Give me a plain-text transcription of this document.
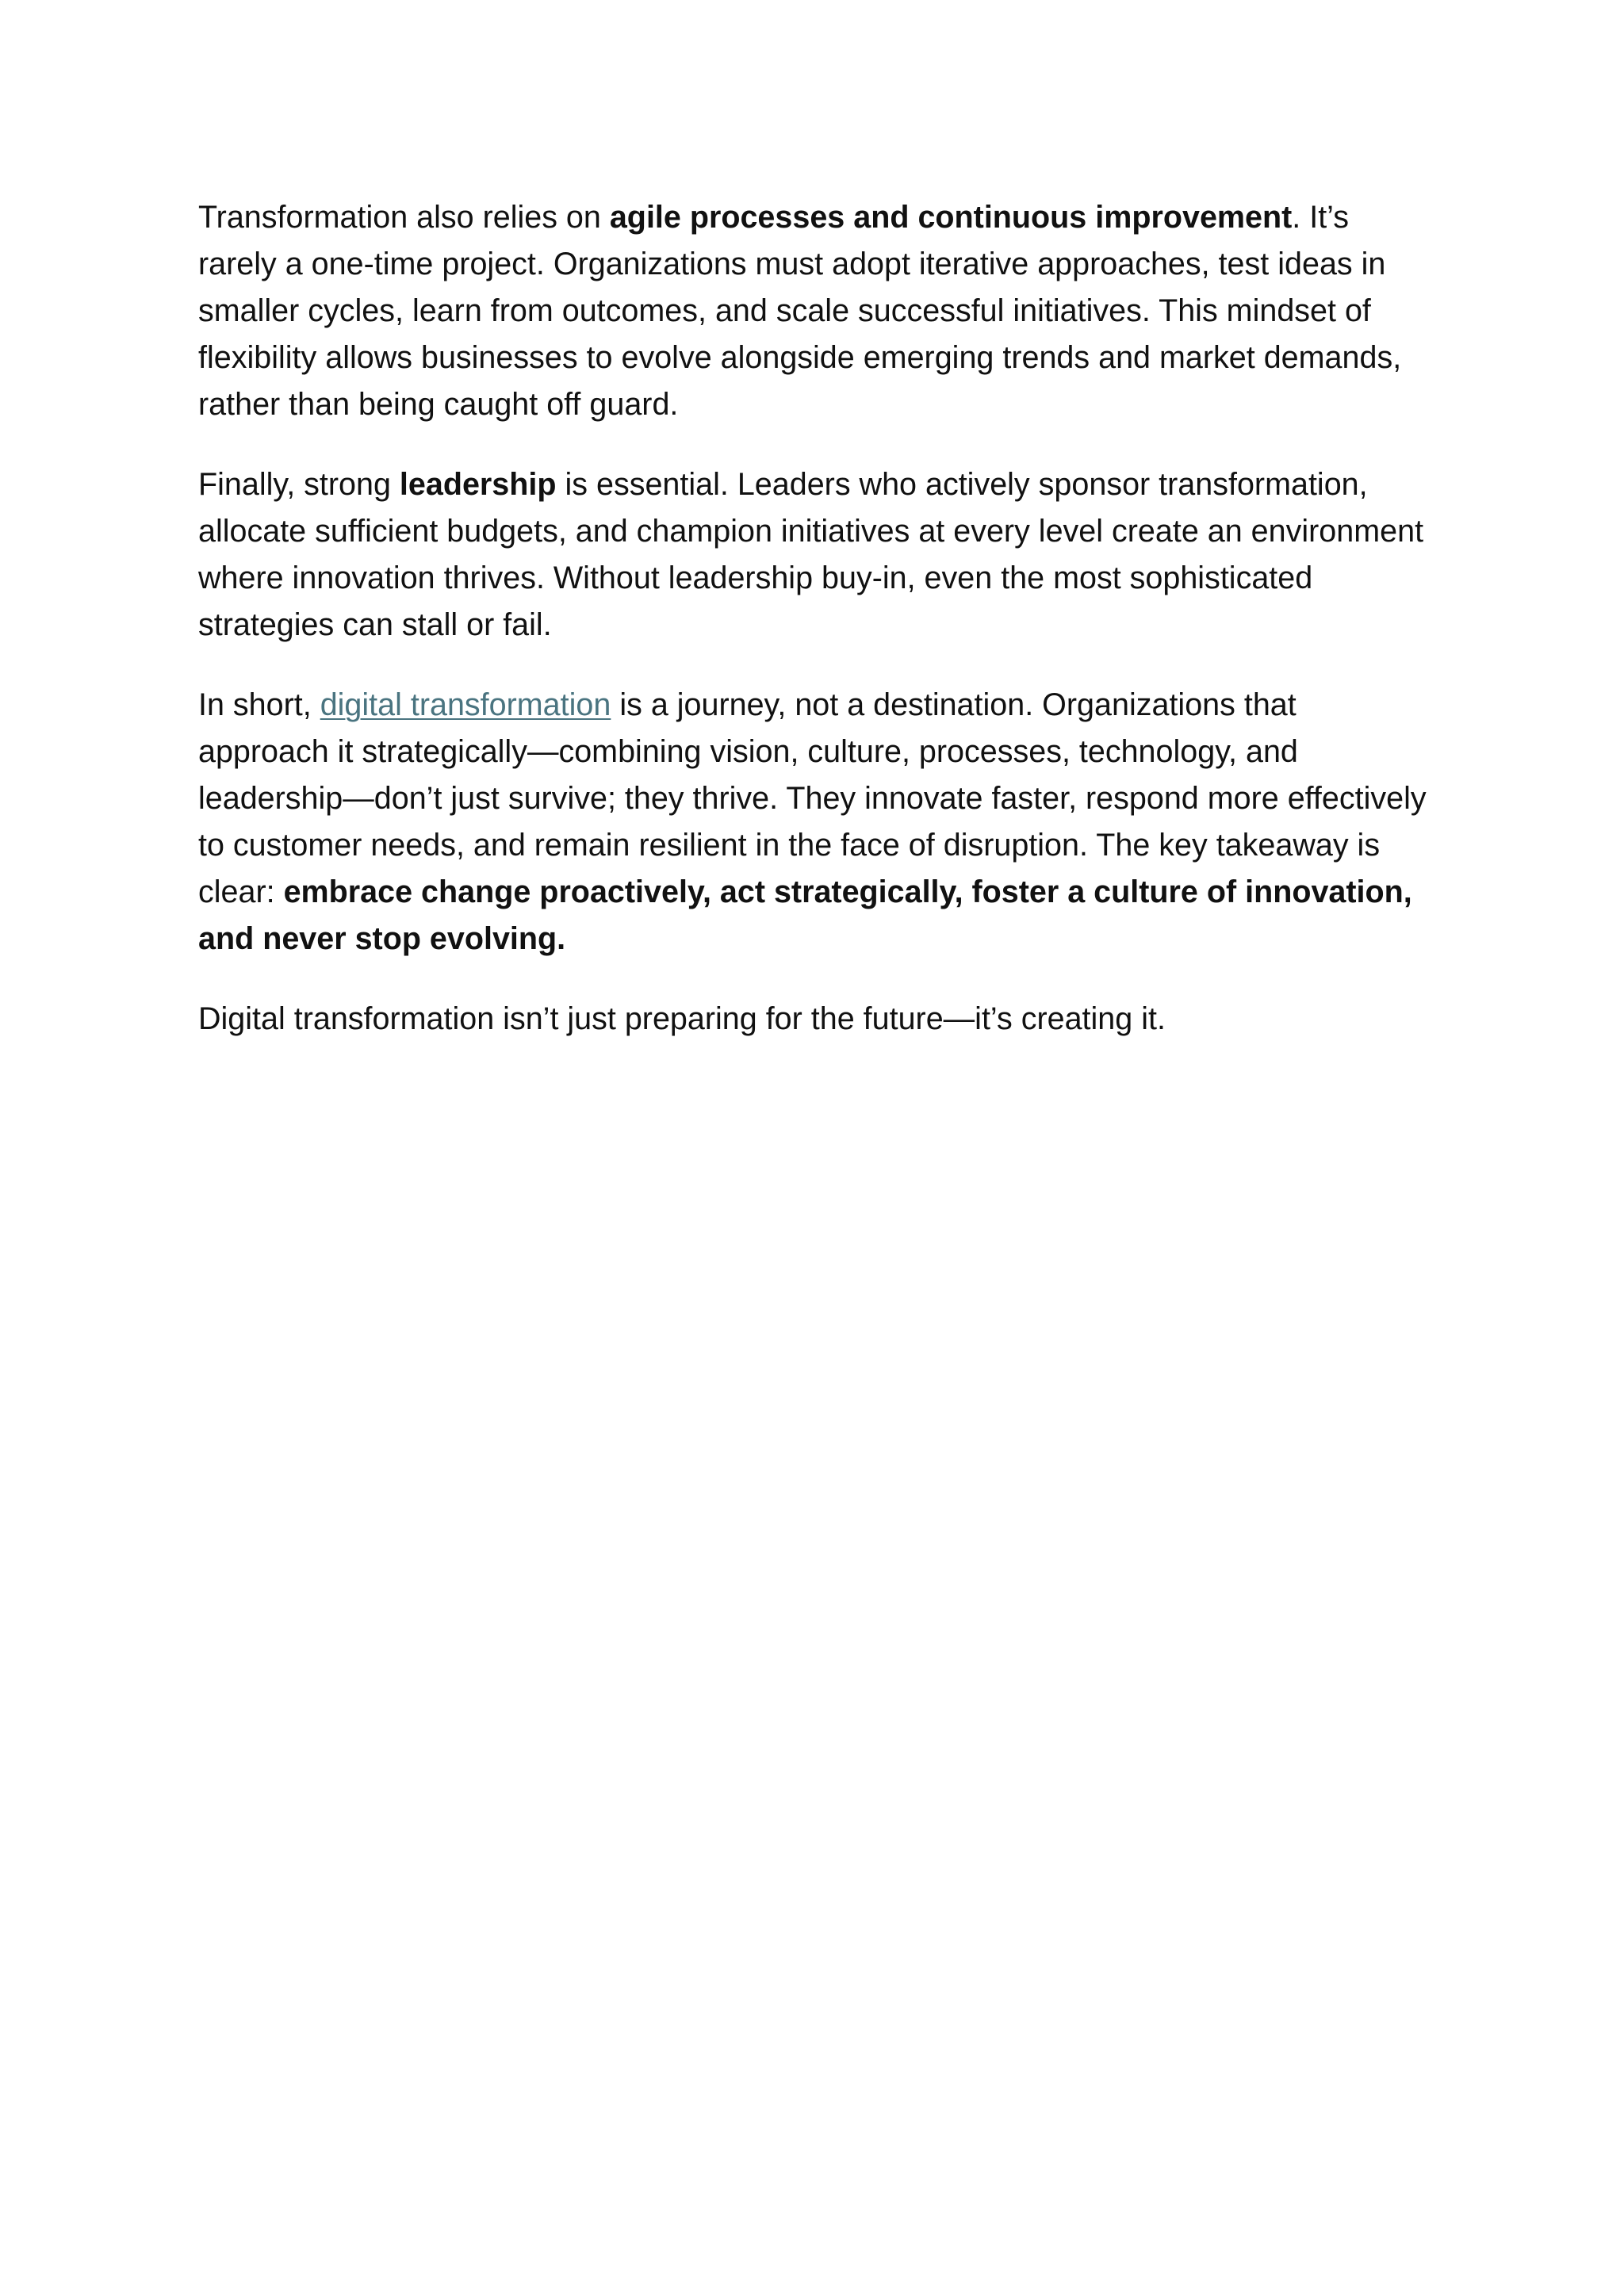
Transformation also relies on agile processes and continuous improvement. It’s rarely a one-time project. Organizations must adopt iterative approaches, test ideas in smaller cycles, learn from outcomes, and scale successful initiatives. This mindset of flexibility allows businesses to evolve alongside emerging trends and market demands, rather than being caught off guard.

Finally, strong leadership is essential. Leaders who actively sponsor transformation, allocate sufficient budgets, and champion initiatives at every level create an environment where innovation thrives. Without leadership buy-in, even the most sophisticated strategies can stall or fail.

In short, digital transformation is a journey, not a destination. Organizations that approach it strategically—combining vision, culture, processes, technology, and leadership—don’t just survive; they thrive. They innovate faster, respond more effectively to customer needs, and remain resilient in the face of disruption. The key takeaway is clear: embrace change proactively, act strategically, foster a culture of innovation, and never stop evolving.

Digital transformation isn’t just preparing for the future—it’s creating it.
